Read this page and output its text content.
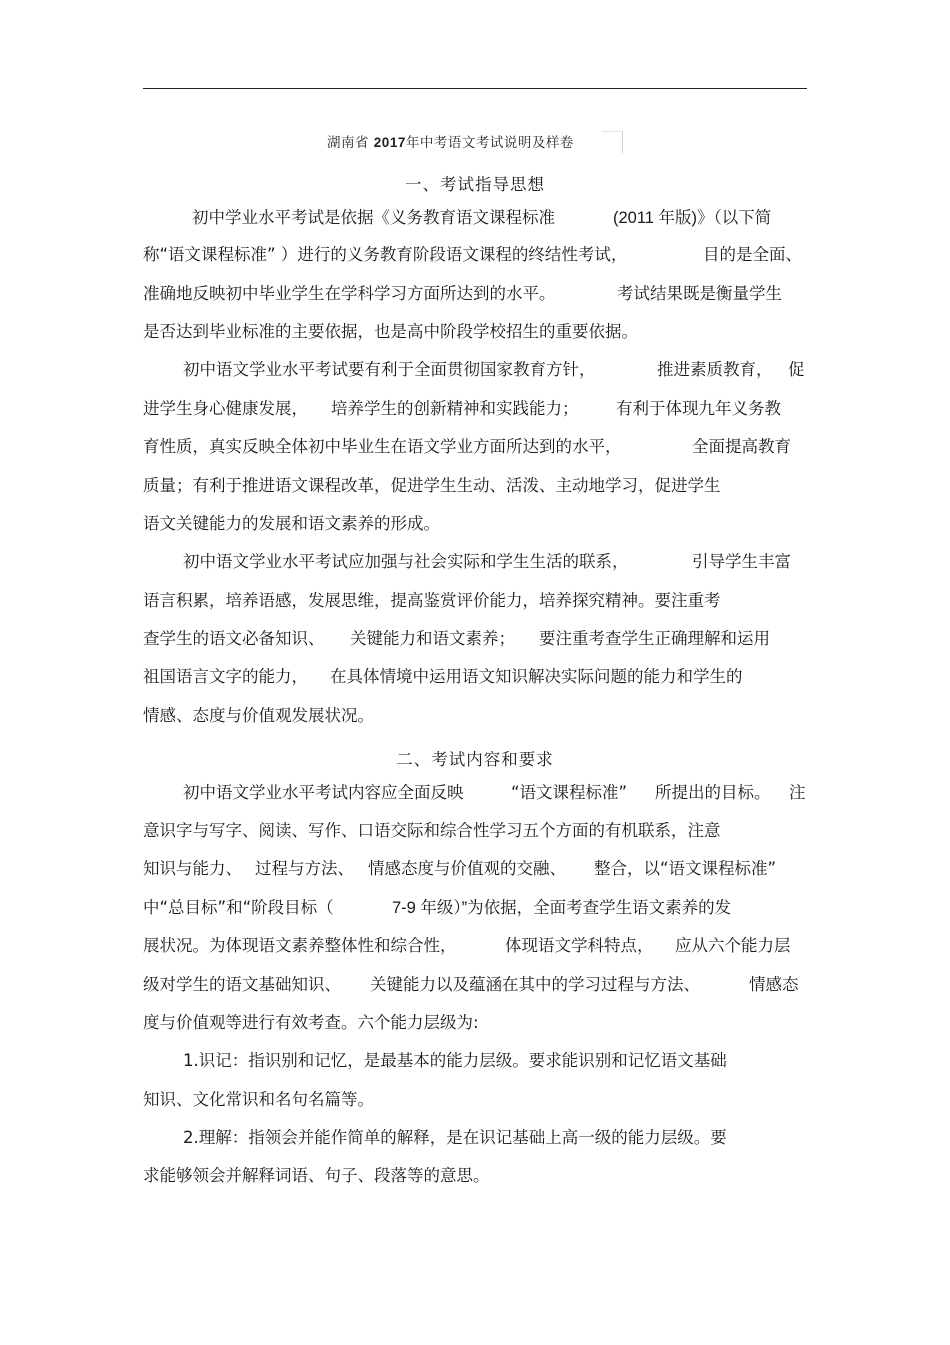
湖南省 2017年中考语文考试说明及样卷
一、考试指导思想
初中学业水平考试是依据《义务教育语文课程标准	(2011 年版)》（以下简
称“语文课程标准” ）进行的义务教育阶段语文课程的终结性考试，	目的是全面、
准确地反映初中毕业学生在学科学习方面所达到的水平。	考试结果既是衡量学生
是否达到毕业标准的主要依据，也是高中阶段学校招生的重要依据。
初中语文学业水平考试要有利于全面贯彻国家教育方针，	推进素质教育， 促
进学生身心健康发展， 培养学生的创新精神和实践能力； 有利于体现九年义务教
育性质，真实反映全体初中毕业生在语文学业方面所达到的水平，	全面提高教育
质量；有利于推进语文课程改革，促进学生生动、活泼、主动地学习，促进学生
语文关键能力的发展和语文素养的形成。
初中语文学业水平考试应加强与社会实际和学生生活的联系，	引导学生丰富
语言积累，培养语感，发展思维，提高鉴赏评价能力，培养探究精神。要注重考
查学生的语文必备知识、 关键能力和语文素养； 要注重考查学生正确理解和运用
祖国语言文字的能力， 在具体情境中运用语文知识解决实际问题的能力和学生的
情感、态度与价值观发展状况。
二、考试内容和要求
初中语文学业水平考试内容应全面反映	“语文课程标准” 所提出的目标。 注
意识字与写字、阅读、写作、口语交际和综合性学习五个方面的有机联系，注意
知识与能力、 过程与方法、 情感态度与价值观的交融、 整合，以“语文课程标准”
中“总目标”和“阶段目标（	7-9 年级）”为依据，全面考查学生语文素养的发
展状况。为体现语文素养整体性和综合性，	体现语文学科特点， 应从六个能力层
级对学生的语文基础知识、 关键能力以及蕴涵在其中的学习过程与方法、	情感态
度与价值观等进行有效考查。六个能力层级为:
1.识记：指识别和记忆，是最基本的能力层级。要求能识别和记忆语文基础
知识、文化常识和名句名篇等。
2.理解：指领会并能作简单的解释，是在识记基础上高一级的能力层级。要
求能够领会并解释词语、句子、段落等的意思。
